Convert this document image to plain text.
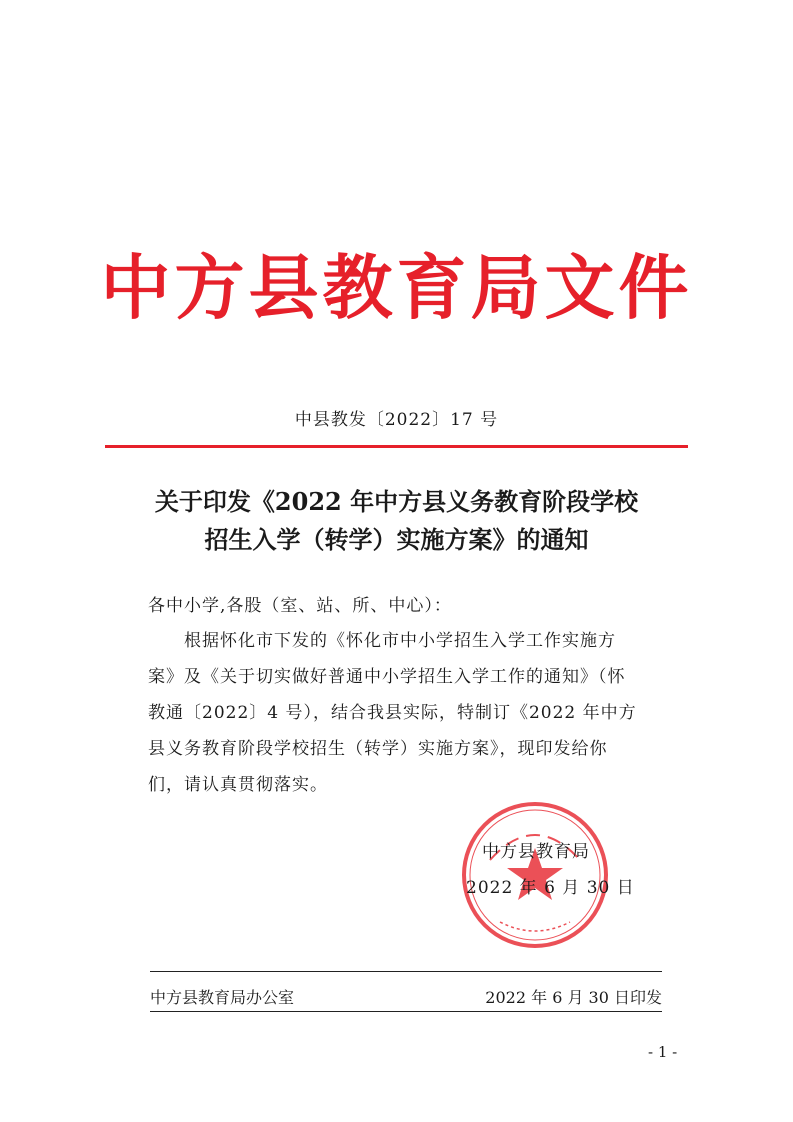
中方县教育局文件
中县教发〔2022〕17 号
关于印发《2022 年中方县义务教育阶段学校
招生入学（转学）实施方案》的通知
各中小学,各股（室、站、所、中心）：
　　根据怀化市下发的《怀化市中小学招生入学工作实施方
案》及《关于切实做好普通中小学招生入学工作的通知》（怀
教通〔2022〕4 号），结合我县实际，特制订《2022 年中方
县义务教育阶段学校招生（转学）实施方案》，现印发给你
们，请认真贯彻落实。
中方县教育局
2022 年 6 月 30 日
中方县教育局办公室	2022 年 6 月 30 日印发
- 1 -
